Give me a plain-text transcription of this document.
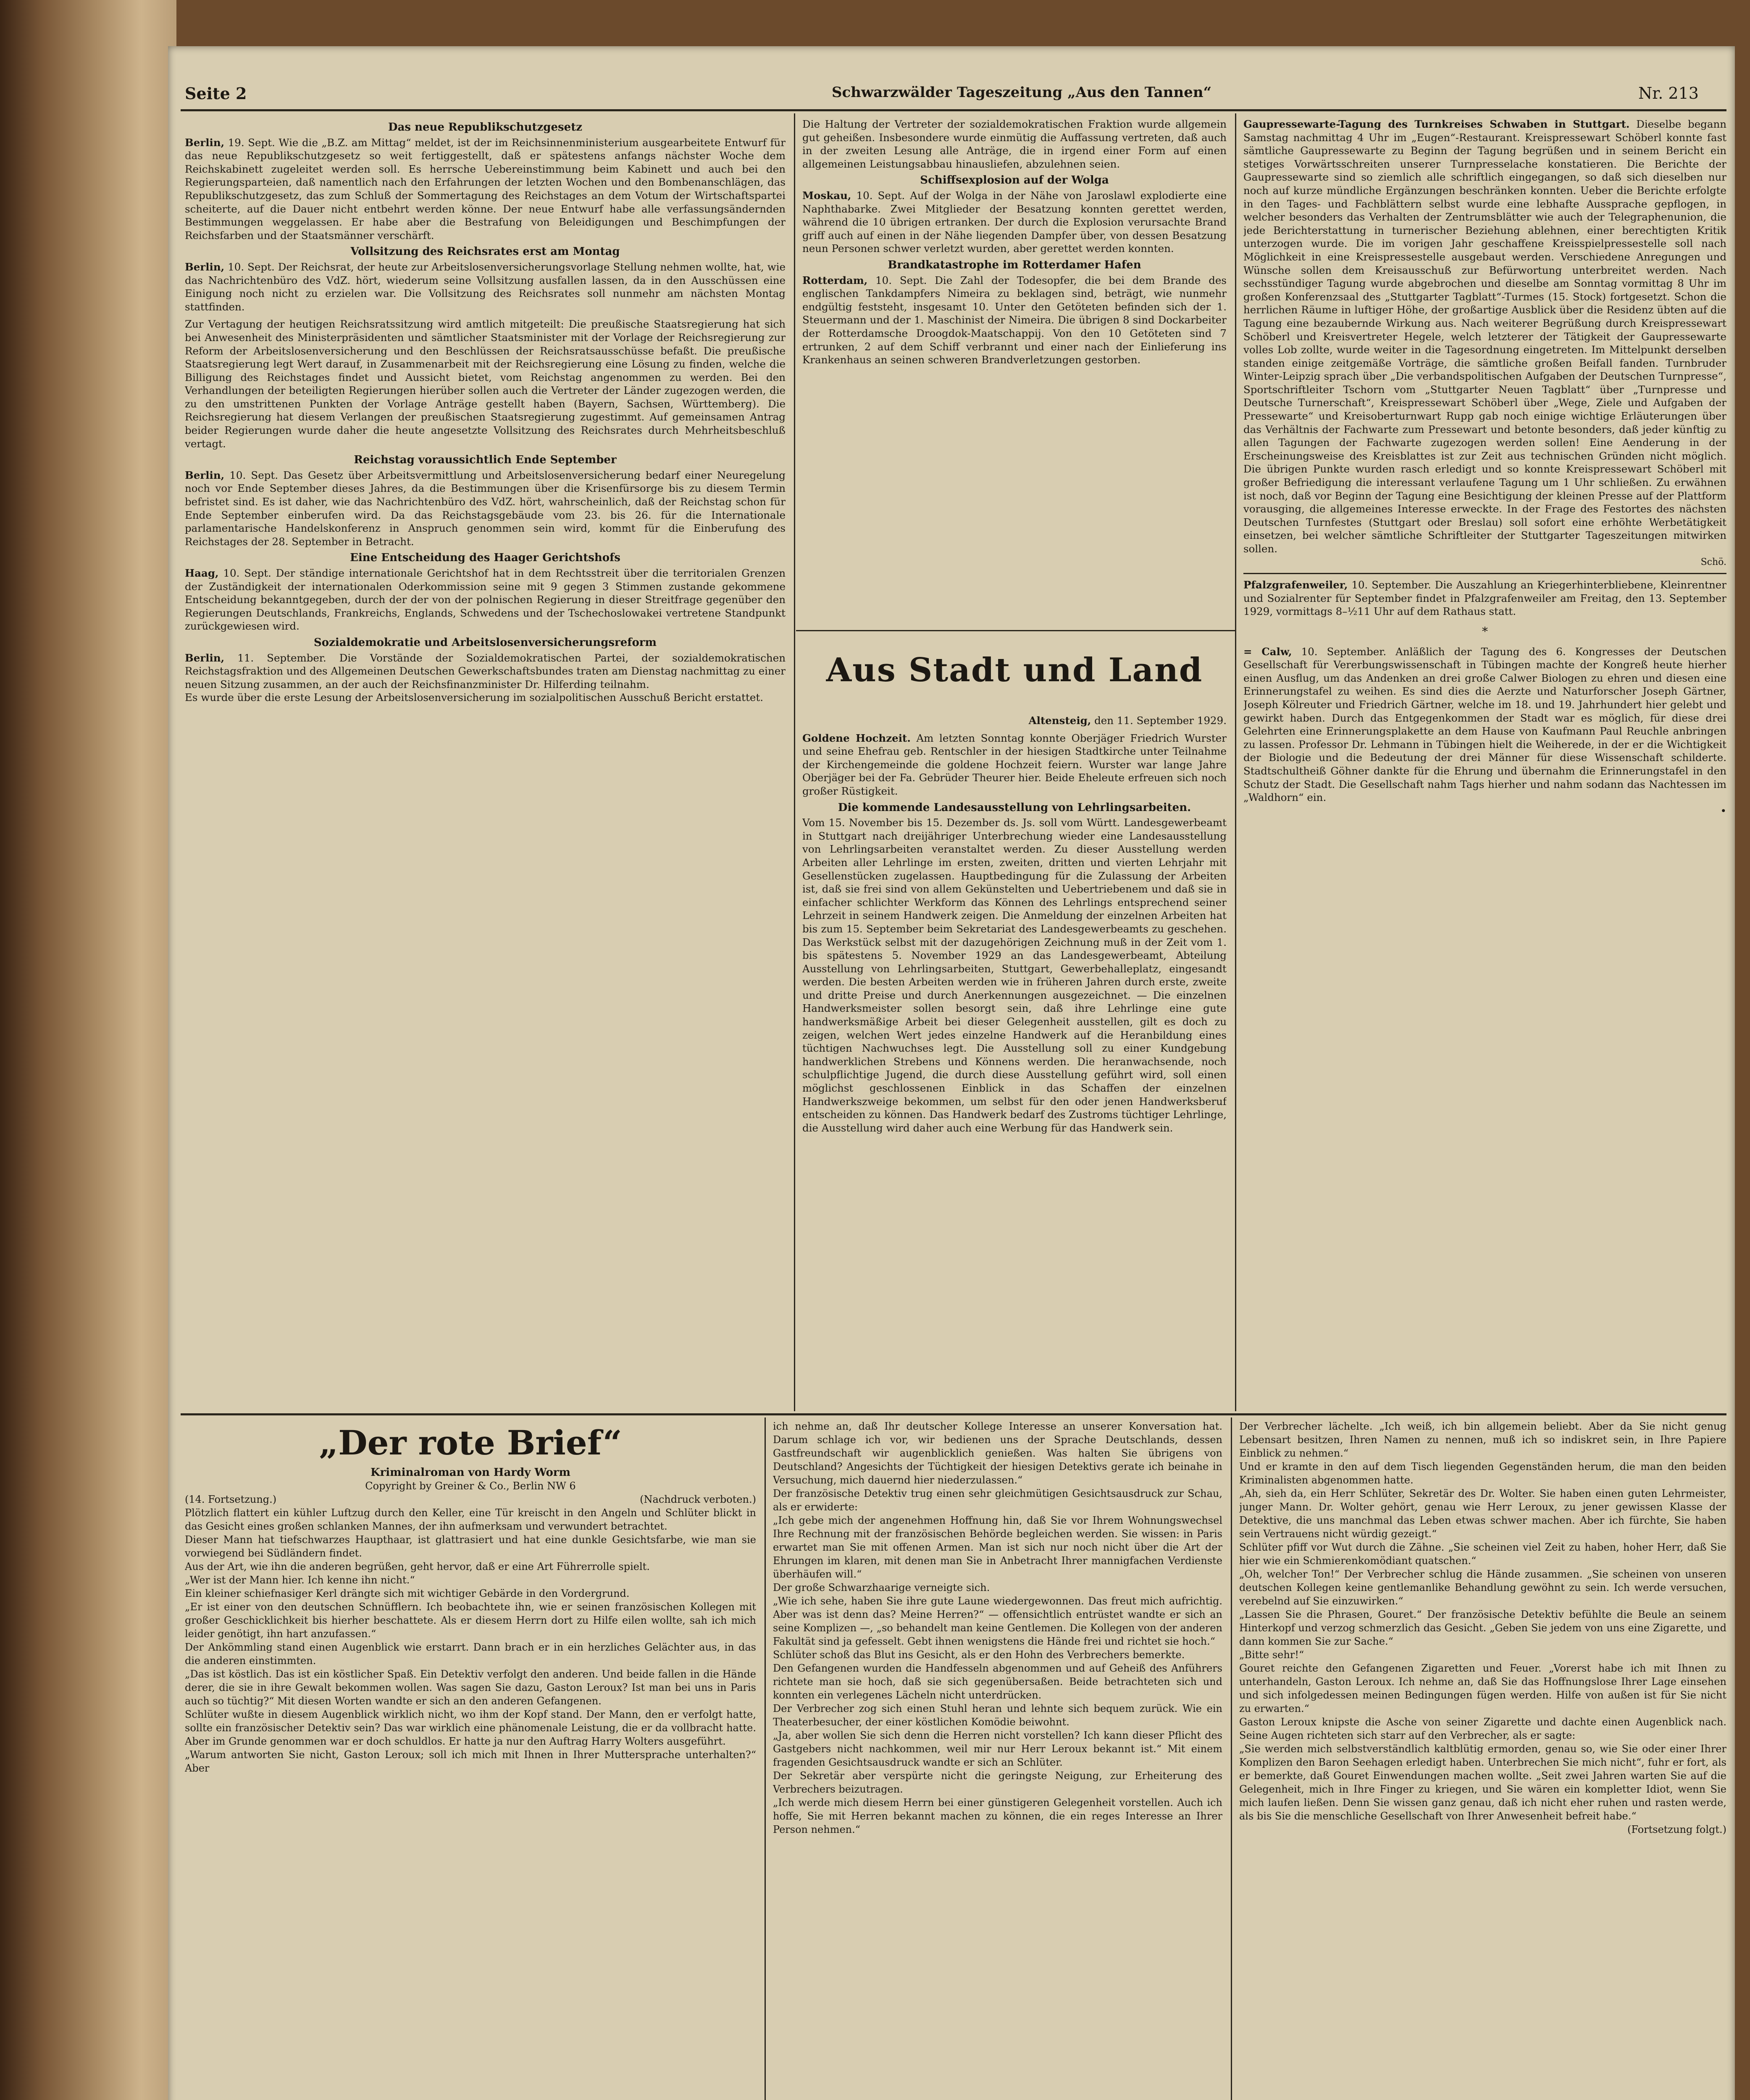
Seite 2	Schwarzwälder Tageszeitung „Aus den Tannen“	Nr. 213

Das neue Republikschutzgesetz

Berlin, 19. Sept. Wie die „B.Z. am Mittag“ meldet, ist der im Reichsinnenministerium ausgearbeitete Entwurf für das neue Republikschutzgesetz so weit fertiggestellt, daß er spätestens anfangs nächster Woche dem Reichskabinett zugeleitet werden soll. Es herrsche Uebereinstimmung beim Kabinett und auch bei den Regierungsparteien, daß namentlich nach den Erfahrungen der letzten Wochen und den Bombenanschlägen, das Republikschutzgesetz, das zum Schluß der Sommertagung des Reichstages an dem Votum der Wirtschaftspartei scheiterte, auf die Dauer nicht entbehrt werden könne. Der neue Entwurf habe alle verfassungsändernden Bestimmungen weggelassen. Er habe aber die Bestrafung von Beleidigungen und Beschimpfungen der Reichsfarben und der Staatsmänner verschärft.

Vollsitzung des Reichsrates erst am Montag

Berlin, 10. Sept. Der Reichsrat, der heute zur Arbeitslosenversicherungsvorlage Stellung nehmen wollte, hat, wie das Nachrichtenbüro des VdZ. hört, wiederum seine Vollsitzung ausfallen lassen, da in den Ausschüssen eine Einigung noch nicht zu erzielen war. Die Vollsitzung des Reichsrates soll nunmehr am nächsten Montag stattfinden.

Zur Vertagung der heutigen Reichsratssitzung wird amtlich mitgeteilt: Die preußische Staatsregierung hat sich bei Anwesenheit des Ministerpräsidenten und sämtlicher Staatsminister mit der Vorlage der Reichsregierung zur Reform der Arbeitslosenversicherung und den Beschlüssen der Reichsratsausschüsse befaßt. Die preußische Staatsregierung legt Wert darauf, in Zusammenarbeit mit der Reichsregierung eine Lösung zu finden, welche die Billigung des Reichstages findet und Aussicht bietet, vom Reichstag angenommen zu werden. Bei den Verhandlungen der beteiligten Regierungen hierüber sollen auch die Vertreter der Länder zugezogen werden, die zu den umstrittenen Punkten der Vorlage Anträge gestellt haben (Bayern, Sachsen, Württemberg). Die Reichsregierung hat diesem Verlangen der preußischen Staatsregierung zugestimmt. Auf gemeinsamen Antrag beider Regierungen wurde daher die heute angesetzte Vollsitzung des Reichsrates durch Mehrheitsbeschluß vertagt.

Reichstag voraussichtlich Ende September

Berlin, 10. Sept. Das Gesetz über Arbeitsvermittlung und Arbeitslosenversicherung bedarf einer Neuregelung noch vor Ende September dieses Jahres, da die Bestimmungen über die Krisenfürsorge bis zu diesem Termin befristet sind. Es ist daher, wie das Nachrichtenbüro des VdZ. hört, wahrscheinlich, daß der Reichstag schon für Ende September einberufen wird. Da das Reichstagsgebäude vom 23. bis 26. für die Internationale parlamentarische Handelskonferenz in Anspruch genommen sein wird, kommt für die Einberufung des Reichstages der 28. September in Betracht.

Eine Entscheidung des Haager Gerichtshofs

Haag, 10. Sept. Der ständige internationale Gerichtshof hat in dem Rechtsstreit über die territorialen Grenzen der Zuständigkeit der internationalen Oderkommission seine mit 9 gegen 3 Stimmen zustande gekommene Entscheidung bekanntgegeben, durch der der von der polnischen Regierung in dieser Streitfrage gegenüber den Regierungen Deutschlands, Frankreichs, Englands, Schwedens und der Tschechoslowakei vertretene Standpunkt zurückgewiesen wird.

Sozialdemokratie und Arbeitslosenversicherungsreform

Berlin, 11. September. Die Vorstände der Sozialdemokratischen Partei, der sozialdemokratischen Reichstagsfraktion und des Allgemeinen Deutschen Gewerkschaftsbundes traten am Dienstag nachmittag zu einer neuen Sitzung zusammen, an der auch der Reichsfinanzminister Dr. Hilferding teilnahm.

Es wurde über die erste Lesung der Arbeitslosenversicherung im sozialpolitischen Ausschuß Bericht erstattet.

Die Haltung der Vertreter der sozialdemokratischen Fraktion wurde allgemein gut geheißen. Insbesondere wurde einmütig die Auffassung vertreten, daß auch in der zweiten Lesung alle Anträge, die in irgend einer Form auf einen allgemeinen Leistungsabbau hinausliefen, abzulehnen seien.

Schiffsexplosion auf der Wolga

Moskau, 10. Sept. Auf der Wolga in der Nähe von Jaroslawl explodierte eine Naphthabarke. Zwei Mitglieder der Besatzung konnten gerettet werden, während die 10 übrigen ertranken. Der durch die Explosion verursachte Brand griff auch auf einen in der Nähe liegenden Dampfer über, von dessen Besatzung neun Personen schwer verletzt wurden, aber gerettet werden konnten.

Brandkatastrophe im Rotterdamer Hafen

Rotterdam, 10. Sept. Die Zahl der Todesopfer, die bei dem Brande des englischen Tankdampfers Nimeira zu beklagen sind, beträgt, wie nunmehr endgültig feststeht, insgesamt 10. Unter den Getöteten befinden sich der 1. Steuermann und der 1. Maschinist der Nimeira. Die übrigen 8 sind Dockarbeiter der Rotterdamsche Droogdok-Maatschappij. Von den 10 Getöteten sind 7 ertrunken, 2 auf dem Schiff verbrannt und einer nach der Einlieferung ins Krankenhaus an seinen schweren Brandverletzungen gestorben.

Aus Stadt und Land

Altensteig, den 11. September 1929.

Goldene Hochzeit. Am letzten Sonntag konnte Oberjäger Friedrich Wurster und seine Ehefrau geb. Rentschler in der hiesigen Stadtkirche unter Teilnahme der Kirchengemeinde die goldene Hochzeit feiern. Wurster war lange Jahre Oberjäger bei der Fa. Gebrüder Theurer hier. Beide Eheleute erfreuen sich noch großer Rüstigkeit.

Die kommende Landesausstellung von Lehrlingsarbeiten.

Vom 15. November bis 15. Dezember ds. Js. soll vom Württ. Landesgewerbeamt in Stuttgart nach dreijähriger Unterbrechung wieder eine Landesausstellung von Lehrlingsarbeiten veranstaltet werden. Zu dieser Ausstellung werden Arbeiten aller Lehrlinge im ersten, zweiten, dritten und vierten Lehrjahr mit Gesellenstücken zugelassen. Hauptbedingung für die Zulassung der Arbeiten ist, daß sie frei sind von allem Gekünstelten und Uebertriebenem und daß sie in einfacher schlichter Werkform das Können des Lehrlings entsprechend seiner Lehrzeit in seinem Handwerk zeigen. Die Anmeldung der einzelnen Arbeiten hat bis zum 15. September beim Sekretariat des Landesgewerbeamts zu geschehen. Das Werkstück selbst mit der dazugehörigen Zeichnung muß in der Zeit vom 1. bis spätestens 5. November 1929 an das Landesgewerbeamt, Abteilung Ausstellung von Lehrlingsarbeiten, Stuttgart, Gewerbehalleplatz, eingesandt werden. Die besten Arbeiten werden wie in früheren Jahren durch erste, zweite und dritte Preise und durch Anerkennungen ausgezeichnet. — Die einzelnen Handwerksmeister sollen besorgt sein, daß ihre Lehrlinge eine gute handwerksmäßige Arbeit bei dieser Gelegenheit ausstellen, gilt es doch zu zeigen, welchen Wert jedes einzelne Handwerk auf die Heranbildung eines tüchtigen Nachwuchses legt. Die Ausstellung soll zu einer Kundgebung handwerklichen Strebens und Könnens werden. Die heranwachsende, noch schulpflichtige Jugend, die durch diese Ausstellung geführt wird, soll einen möglichst geschlossenen Einblick in das Schaffen der einzelnen Handwerkszweige bekommen, um selbst für den oder jenen Handwerksberuf entscheiden zu können. Das Handwerk bedarf des Zustroms tüchtiger Lehrlinge, die Ausstellung wird daher auch eine Werbung für das Handwerk sein.

Gaupressewarte-Tagung des Turnkreises Schwaben in Stuttgart. Dieselbe begann Samstag nachmittag 4 Uhr im „Eugen“-Restaurant. Kreispressewart Schöberl konnte fast sämtliche Gaupressewarte zu Beginn der Tagung begrüßen und in seinem Bericht ein stetiges Vorwärtsschreiten unserer Turnpresselache konstatieren. Die Berichte der Gaupressewarte sind so ziemlich alle schriftlich eingegangen, so daß sich dieselben nur noch auf kurze mündliche Ergänzungen beschränken konnten. Ueber die Berichte erfolgte in den Tages- und Fachblättern selbst wurde eine lebhafte Aussprache gepflogen, in welcher besonders das Verhalten der Zentrumsblätter wie auch der Telegraphenunion, die jede Berichterstattung in turnerischer Beziehung ablehnen, einer berechtigten Kritik unterzogen wurde. Die im vorigen Jahr geschaffene Kreisspielpressestelle soll nach Möglichkeit in eine Kreispressestelle ausgebaut werden. Verschiedene Anregungen und Wünsche sollen dem Kreisausschuß zur Befürwortung unterbreitet werden. Nach sechsstündiger Tagung wurde abgebrochen und dieselbe am Sonntag vormittag 8 Uhr im großen Konferenzsaal des „Stuttgarter Tagblatt“-Turmes (15. Stock) fortgesetzt. Schon die herrlichen Räume in luftiger Höhe, der großartige Ausblick über die Residenz übten auf die Tagung eine bezaubernde Wirkung aus. Nach weiterer Begrüßung durch Kreispressewart Schöberl und Kreisvertreter Hegele, welch letzterer der Tätigkeit der Gaupressewarte volles Lob zollte, wurde weiter in die Tagesordnung eingetreten. Im Mittelpunkt derselben standen einige zeitgemäße Vorträge, die sämtliche großen Beifall fanden. Turnbruder Winter-Leipzig sprach über „Die verbandspolitischen Aufgaben der Deutschen Turnpresse“, Sportschriftleiter Tschorn vom „Stuttgarter Neuen Tagblatt“ über „Turnpresse und Deutsche Turnerschaft“, Kreispressewart Schöberl über „Wege, Ziele und Aufgaben der Pressewarte“ und Kreisoberturnwart Rupp gab noch einige wichtige Erläuterungen über das Verhältnis der Fachwarte zum Pressewart und betonte besonders, daß jeder künftig zu allen Tagungen der Fachwarte zugezogen werden sollen! Eine Aenderung in der Erscheinungsweise des Kreisblattes ist zur Zeit aus technischen Gründen nicht möglich. Die übrigen Punkte wurden rasch erledigt und so konnte Kreispressewart Schöberl mit großer Befriedigung die interessant verlaufene Tagung um 1 Uhr schließen. Zu erwähnen ist noch, daß vor Beginn der Tagung eine Besichtigung der kleinen Presse auf der Plattform vorausging, die allgemeines Interesse erweckte. In der Frage des Festortes des nächsten Deutschen Turnfestes (Stuttgart oder Breslau) soll sofort eine erhöhte Werbetätigkeit einsetzen, bei welcher sämtliche Schriftleiter der Stuttgarter Tageszeitungen mitwirken sollen.

Schö.

Pfalzgrafenweiler, 10. September. Die Auszahlung an Kriegerhinterbliebene, Kleinrentner und Sozialrenter für September findet in Pfalzgrafenweiler am Freitag, den 13. September 1929, vormittags 8–½11 Uhr auf dem Rathaus statt.

*

= Calw, 10. September. Anläßlich der Tagung des 6. Kongresses der Deutschen Gesellschaft für Vererbungswissenschaft in Tübingen machte der Kongreß heute hierher einen Ausflug, um das Andenken an drei große Calwer Biologen zu ehren und diesen eine Erinnerungstafel zu weihen. Es sind dies die Aerzte und Naturforscher Joseph Gärtner, Joseph Kölreuter und Friedrich Gärtner, welche im 18. und 19. Jahrhundert hier gelebt und gewirkt haben. Durch das Entgegenkommen der Stadt war es möglich, für diese drei Gelehrten eine Erinnerungsplakette an dem Hause von Kaufmann Paul Reuchle anbringen zu lassen. Professor Dr. Lehmann in Tübingen hielt die Weiherede, in der er die Wichtigkeit der Biologie und die Bedeutung der drei Männer für diese Wissenschaft schilderte. Stadtschultheiß Göhner dankte für die Ehrung und übernahm die Erinnerungstafel in den Schutz der Stadt. Die Gesellschaft nahm Tags hierher und nahm sodann das Nachtessen im „Waldhorn“ ein.

•

„Der rote Brief“
Kriminalroman von Hardy Worm
Copyright by Greiner & Co., Berlin NW 6
(14. Fortsetzung.)	(Nachdruck verboten.)

Plötzlich flattert ein kühler Luftzug durch den Keller, eine Tür kreischt in den Angeln und Schlüter blickt in das Gesicht eines großen schlanken Mannes, der ihn aufmerksam und verwundert betrachtet.

Dieser Mann hat tiefschwarzes Haupthaar, ist glattrasiert und hat eine dunkle Gesichtsfarbe, wie man sie vorwiegend bei Südländern findet.

Aus der Art, wie ihn die anderen begrüßen, geht hervor, daß er eine Art Führerrolle spielt.

„Wer ist der Mann hier. Ich kenne ihn nicht.“

Ein kleiner schiefnasiger Kerl drängte sich mit wichtiger Gebärde in den Vordergrund.

„Er ist einer von den deutschen Schnüfflern. Ich beobachtete ihn, wie er seinen französischen Kollegen mit großer Geschicklichkeit bis hierher beschattete. Als er diesem Herrn dort zu Hilfe eilen wollte, sah ich mich leider genötigt, ihn hart anzufassen.“

Der Ankömmling stand einen Augenblick wie erstarrt. Dann brach er in ein herzliches Gelächter aus, in das die anderen einstimmten.

„Das ist köstlich. Das ist ein köstlicher Spaß. Ein Detektiv verfolgt den anderen. Und beide fallen in die Hände derer, die sie in ihre Gewalt bekommen wollen. Was sagen Sie dazu, Gaston Leroux? Ist man bei uns in Paris auch so tüchtig?“ Mit diesen Worten wandte er sich an den anderen Gefangenen.

Schlüter wußte in diesem Augenblick wirklich nicht, wo ihm der Kopf stand. Der Mann, den er verfolgt hatte, sollte ein französischer Detektiv sein? Das war wirklich eine phänomenale Leistung, die er da vollbracht hatte. Aber im Grunde genommen war er doch schuldlos. Er hatte ja nur den Auftrag Harry Wolters ausgeführt.

„Warum antworten Sie nicht, Gaston Leroux; soll ich mich mit Ihnen in Ihrer Muttersprache unterhalten?“ Aber

ich nehme an, daß Ihr deutscher Kollege Interesse an unserer Konversation hat. Darum schlage ich vor, wir bedienen uns der Sprache Deutschlands, dessen Gastfreundschaft wir augenblicklich genießen. Was halten Sie übrigens von Deutschland? Angesichts der Tüchtigkeit der hiesigen Detektivs gerate ich beinahe in Versuchung, mich dauernd hier niederzulassen.“

Der französische Detektiv trug einen sehr gleichmütigen Gesichtsausdruck zur Schau, als er erwiderte:

„Ich gebe mich der angenehmen Hoffnung hin, daß Sie vor Ihrem Wohnungswechsel Ihre Rechnung mit der französischen Behörde begleichen werden. Sie wissen: in Paris erwartet man Sie mit offenen Armen. Man ist sich nur noch nicht über die Art der Ehrungen im klaren, mit denen man Sie in Anbetracht Ihrer mannigfachen Verdienste überhäufen will.“

Der große Schwarzhaarige verneigte sich.

„Wie ich sehe, haben Sie ihre gute Laune wiedergewonnen. Das freut mich aufrichtig. Aber was ist denn das? Meine Herren?“ — offensichtlich entrüstet wandte er sich an seine Komplizen —, „so behandelt man keine Gentlemen. Die Kollegen von der anderen Fakultät sind ja gefesselt. Gebt ihnen wenigstens die Hände frei und richtet sie hoch.“

Schlüter schoß das Blut ins Gesicht, als er den Hohn des Verbrechers bemerkte.

Den Gefangenen wurden die Handfesseln abgenommen und auf Geheiß des Anführers richtete man sie hoch, daß sie sich gegenübersaßen. Beide betrachteten sich und konnten ein verlegenes Lächeln nicht unterdrücken.

Der Verbrecher zog sich einen Stuhl heran und lehnte sich bequem zurück. Wie ein Theaterbesucher, der einer köstlichen Komödie beiwohnt.

„Ja, aber wollen Sie sich denn die Herren nicht vorstellen? Ich kann dieser Pflicht des Gastgebers nicht nachkommen, weil mir nur Herr Leroux bekannt ist.“ Mit einem fragenden Gesichtsausdruck wandte er sich an Schlüter.

Der Sekretär aber verspürte nicht die geringste Neigung, zur Erheiterung des Verbrechers beizutragen.

„Ich werde mich diesem Herrn bei einer günstigeren Gelegenheit vorstellen. Auch ich hoffe, Sie mit Herren bekannt machen zu können, die ein reges Interesse an Ihrer Person nehmen.“

Der Verbrecher lächelte. „Ich weiß, ich bin allgemein beliebt. Aber da Sie nicht genug Lebensart besitzen, Ihren Namen zu nennen, muß ich so indiskret sein, in Ihre Papiere Einblick zu nehmen.“

Und er kramte in den auf dem Tisch liegenden Gegenständen herum, die man den beiden Kriminalisten abgenommen hatte.

„Ah, sieh da, ein Herr Schlüter, Sekretär des Dr. Wolter. Sie haben einen guten Lehrmeister, junger Mann. Dr. Wolter gehört, genau wie Herr Leroux, zu jener gewissen Klasse der Detektive, die uns manchmal das Leben etwas schwer machen. Aber ich fürchte, Sie haben sein Vertrauens nicht würdig gezeigt.“

Schlüter pfiff vor Wut durch die Zähne. „Sie scheinen viel Zeit zu haben, hoher Herr, daß Sie hier wie ein Schmierenkomödiant quatschen.“

„Oh, welcher Ton!“ Der Verbrecher schlug die Hände zusammen. „Sie scheinen von unseren deutschen Kollegen keine gentlemanlike Behandlung gewöhnt zu sein. Ich werde versuchen, verebelnd auf Sie einzuwirken.“

„Lassen Sie die Phrasen, Gouret.“ Der französische Detektiv befühlte die Beule an seinem Hinterkopf und verzog schmerzlich das Gesicht. „Geben Sie jedem von uns eine Zigarette, und dann kommen Sie zur Sache.“

„Bitte sehr!“

Gouret reichte den Gefangenen Zigaretten und Feuer. „Vorerst habe ich mit Ihnen zu unterhandeln, Gaston Leroux. Ich nehme an, daß Sie das Hoffnungslose Ihrer Lage einsehen und sich infolgedessen meinen Bedingungen fügen werden. Hilfe von außen ist für Sie nicht zu erwarten.“

Gaston Leroux knipste die Asche von seiner Zigarette und dachte einen Augenblick nach. Seine Augen richteten sich starr auf den Verbrecher, als er sagte:

„Sie werden mich selbstverständlich kaltblütig ermorden, genau so, wie Sie oder einer Ihrer Komplizen den Baron Seehagen erledigt haben. Unterbrechen Sie mich nicht“, fuhr er fort, als er bemerkte, daß Gouret Einwendungen machen wollte. „Seit zwei Jahren warten Sie auf die Gelegenheit, mich in Ihre Finger zu kriegen, und Sie wären ein kompletter Idiot, wenn Sie mich laufen ließen. Denn Sie wissen ganz genau, daß ich nicht eher ruhen und rasten werde, als bis Sie die menschliche Gesellschaft von Ihrer Anwesenheit befreit habe.“

(Fortsetzung folgt.)
